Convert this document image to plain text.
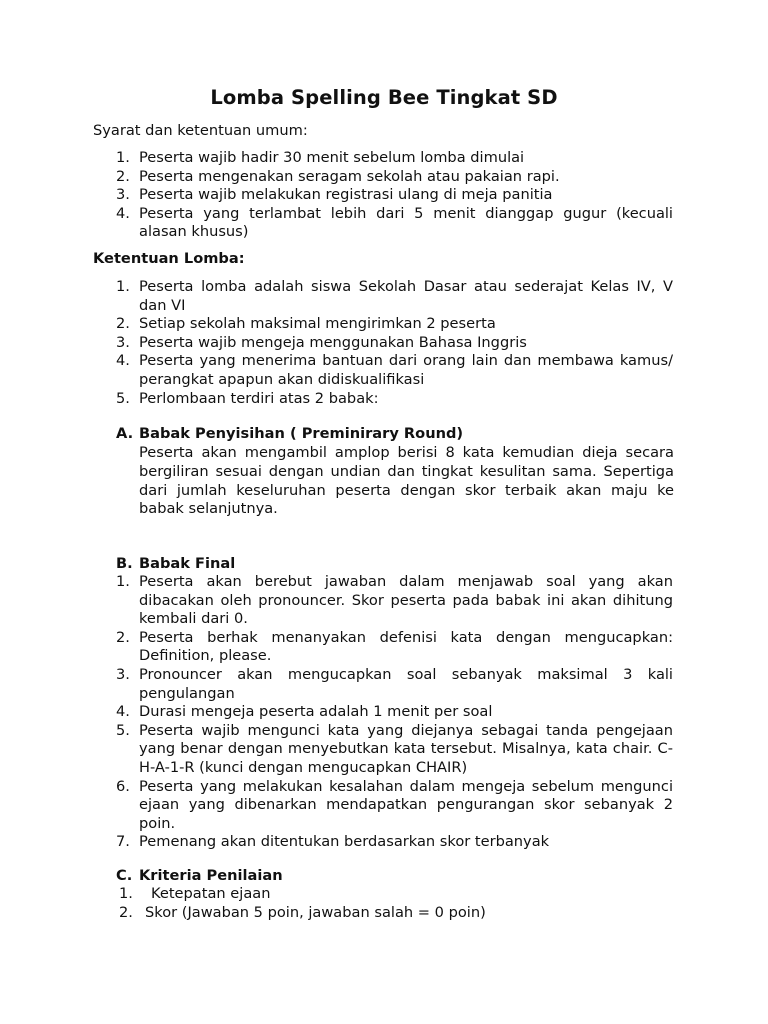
Lomba Spelling Bee Tingkat SD
Syarat dan ketentuan umum:
1. Peserta wajib hadir 30 menit sebelum lomba dimulai
2. Peserta mengenakan seragam sekolah atau pakaian rapi.
3. Peserta wajib melakukan registrasi ulang di meja panitia
4. Peserta yang terlambat lebih dari 5 menit dianggap gugur (kecuali alasan khusus)
Ketentuan Lomba:
1. Peserta lomba adalah siswa Sekolah Dasar atau sederajat Kelas IV, V dan VI
2. Setiap sekolah maksimal mengirimkan 2 peserta
3. Peserta wajib mengeja menggunakan Bahasa Inggris
4. Peserta yang menerima bantuan dari orang lain dan membawa kamus/ perangkat apapun akan didiskualifikasi
5. Perlombaan terdiri atas 2 babak:
A. Babak Penyisihan ( Preminirary Round)
Peserta akan mengambil amplop berisi 8 kata kemudian dieja secara bergiliran sesuai dengan undian dan tingkat kesulitan sama. Sepertiga dari jumlah keseluruhan peserta dengan skor terbaik akan maju ke babak selanjutnya.
B. Babak Final
1. Peserta akan berebut jawaban dalam menjawab soal yang akan dibacakan oleh pronouncer. Skor peserta pada babak ini akan dihitung kembali dari 0.
2. Peserta berhak menanyakan defenisi kata dengan mengucapkan: Definition, please.
3. Pronouncer akan mengucapkan soal sebanyak maksimal 3 kali pengulangan
4. Durasi mengeja peserta adalah 1 menit per soal
5. Peserta wajib mengunci kata yang diejanya sebagai tanda pengejaan yang benar dengan menyebutkan kata tersebut. Misalnya, kata chair. C-H-A-1-R (kunci dengan mengucapkan CHAIR)
6. Peserta yang melakukan kesalahan dalam mengeja sebelum mengunci ejaan yang dibenarkan mendapatkan pengurangan skor sebanyak 2 poin.
7. Pemenang akan ditentukan berdasarkan skor terbanyak
C. Kriteria Penilaian
1. Ketepatan ejaan
2. Skor (Jawaban 5 poin, jawaban salah = 0 poin)
